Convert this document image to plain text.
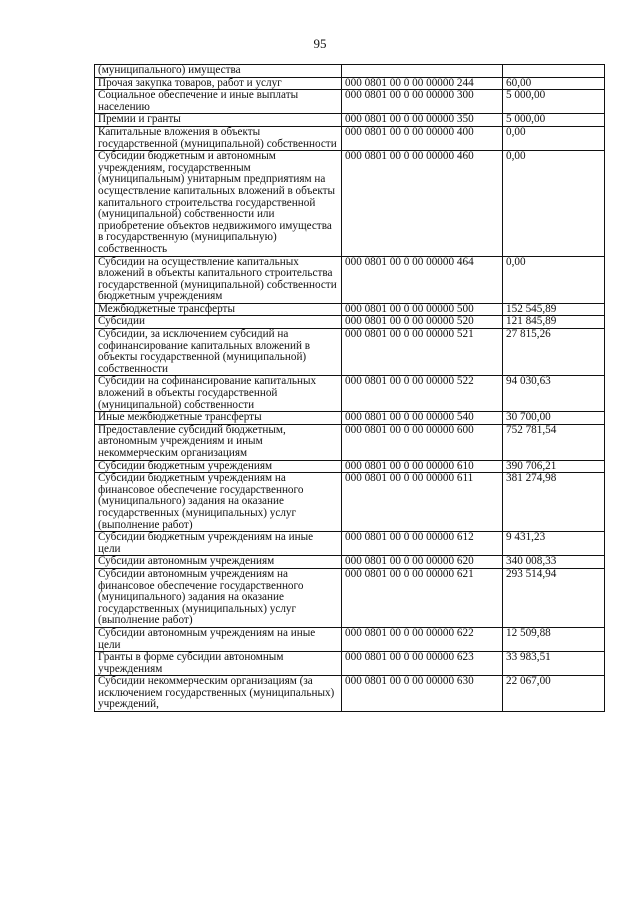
95
(муниципального) имущества		
Прочая закупка товаров, работ и услуг	000 0801 00 0 00 00000 244	60,00
Социальное обеспечение и иные выплаты населению	000 0801 00 0 00 00000 300	5 000,00
Премии и гранты	000 0801 00 0 00 00000 350	5 000,00
Капитальные вложения в объекты государственной (муниципальной) собственности	000 0801 00 0 00 00000 400	0,00
Субсидии бюджетным и автономным учреждениям, государственным (муниципальным) унитарным предприятиям на осуществление капитальных вложений в объекты капитального строительства государственной (муниципальной) собственности или приобретение объектов недвижимого имущества в государственную (муниципальную) собственность	000 0801 00 0 00 00000 460	0,00
Субсидии на осуществление капитальных вложений в объекты капитального строительства государственной (муниципальной) собственности бюджетным учреждениям	000 0801 00 0 00 00000 464	0,00
Межбюджетные трансферты	000 0801 00 0 00 00000 500	152 545,89
Субсидии	000 0801 00 0 00 00000 520	121 845,89
Субсидии, за исключением субсидий на софинансирование капитальных вложений в объекты государственной (муниципальной) собственности	000 0801 00 0 00 00000 521	27 815,26
Субсидии на софинансирование капитальных вложений в объекты государственной (муниципальной) собственности	000 0801 00 0 00 00000 522	94 030,63
Иные межбюджетные трансферты	000 0801 00 0 00 00000 540	30 700,00
Предоставление субсидий бюджетным, автономным учреждениям и иным некоммерческим организациям	000 0801 00 0 00 00000 600	752 781,54
Субсидии бюджетным учреждениям	000 0801 00 0 00 00000 610	390 706,21
Субсидии бюджетным учреждениям на финансовое обеспечение государственного (муниципального) задания на оказание государственных (муниципальных) услуг (выполнение работ)	000 0801 00 0 00 00000 611	381 274,98
Субсидии бюджетным учреждениям на иные цели	000 0801 00 0 00 00000 612	9 431,23
Субсидии автономным учреждениям	000 0801 00 0 00 00000 620	340 008,33
Субсидии автономным учреждениям на финансовое обеспечение государственного (муниципального) задания на оказание государственных (муниципальных) услуг (выполнение работ)	000 0801 00 0 00 00000 621	293 514,94
Субсидии автономным учреждениям на иные цели	000 0801 00 0 00 00000 622	12 509,88
Гранты в форме субсидии автономным учреждениям	000 0801 00 0 00 00000 623	33 983,51
Субсидии некоммерческим организациям (за исключением государственных (муниципальных) учреждений,	000 0801 00 0 00 00000 630	22 067,00
